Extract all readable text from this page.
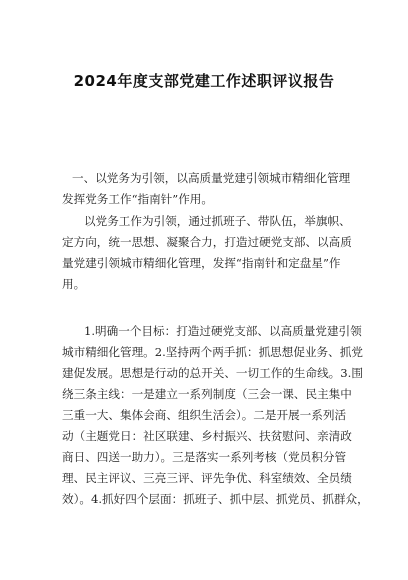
2024年度支部党建工作述职评议报告
一、以党务为引领，以高质量党建引领城市精细化管理
发挥党务工作“指南针”作用。
以党务工作为引领，通过抓班子、带队伍，举旗帜、
定方向，统一思想、凝聚合力，打造过硬党支部、以高质
量党建引领城市精细化管理，发挥“指南针和定盘星”作
用。
1.明确一个目标：打造过硬党支部、以高质量党建引领
城市精细化管理。2.坚持两个两手抓：抓思想促业务、抓党
建促发展。思想是行动的总开关、一切工作的生命线。3.围
绕三条主线：一是建立一系列制度（三会一课、民主集中
三重一大、集体会商、组织生活会）。二是开展一系列活
动（主题党日：社区联建、乡村振兴、扶贫慰问、亲清政
商日、四送一助力）。三是落实一系列考核（党员积分管
理、民主评议、三亮三评、评先争优、科室绩效、全员绩
效）。4.抓好四个层面：抓班子、抓中层、抓党员、抓群众，
